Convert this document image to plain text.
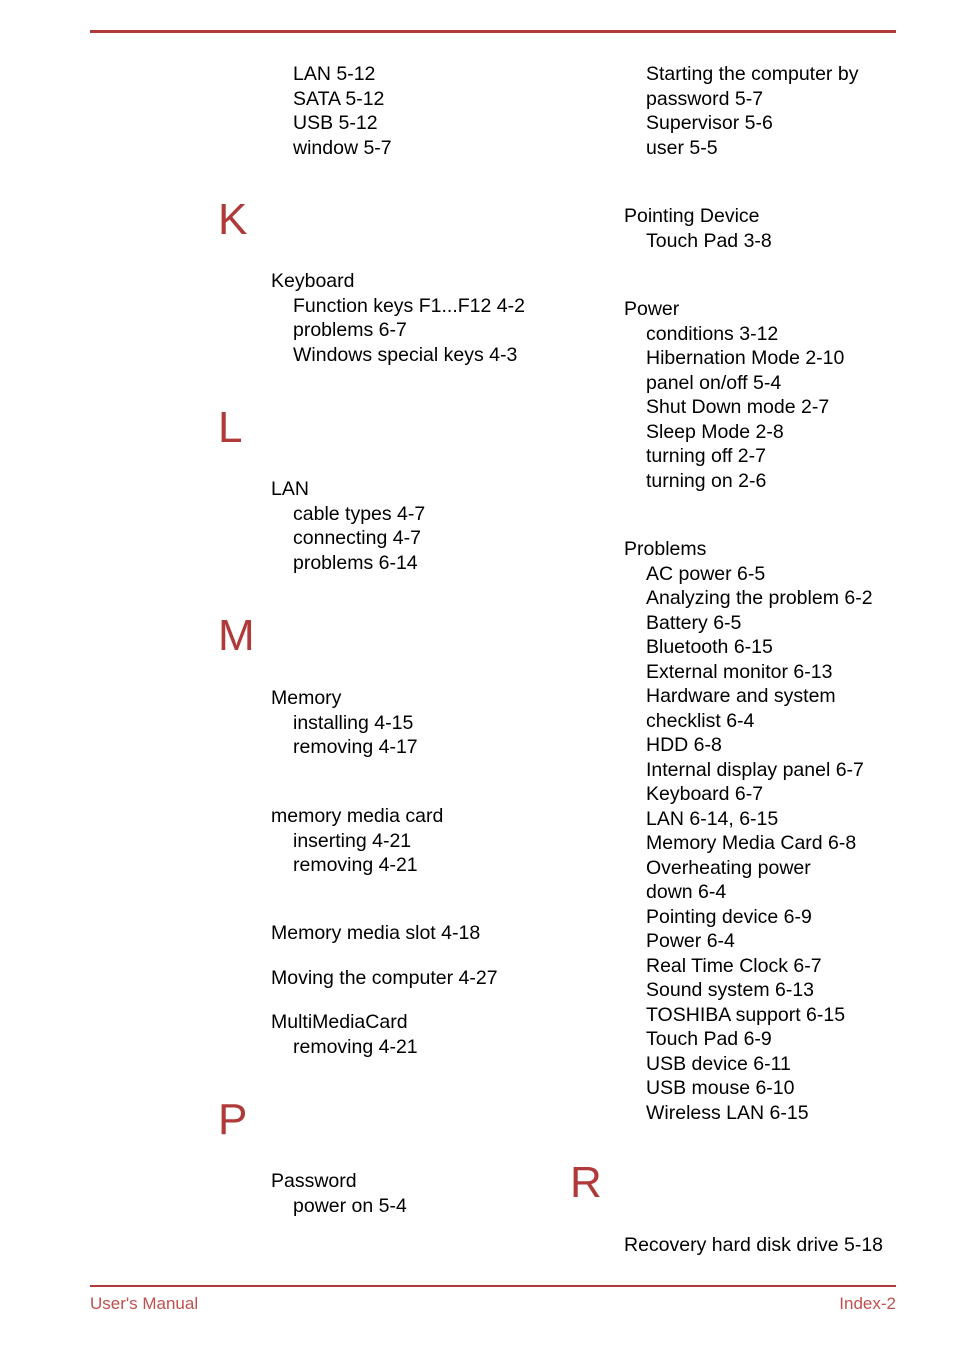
LAN 5-12
SATA 5-12
USB 5-12
window 5-7
K
Keyboard
Function keys F1...F12 4-2
problems 6-7
Windows special keys 4-3
L
LAN
cable types 4-7
connecting 4-7
problems 6-14
M
Memory
installing 4-15
removing 4-17
memory media card
inserting 4-21
removing 4-21
Memory media slot 4-18
Moving the computer 4-27
MultiMediaCard
removing 4-21
P
Password
power on 5-4
Starting the computer by
password 5-7
Supervisor 5-6
user 5-5
Pointing Device
Touch Pad 3-8
Power
conditions 3-12
Hibernation Mode 2-10
panel on/off 5-4
Shut Down mode 2-7
Sleep Mode 2-8
turning off 2-7
turning on 2-6
Problems
AC power 6-5
Analyzing the problem 6-2
Battery 6-5
Bluetooth 6-15
External monitor 6-13
Hardware and system
checklist 6-4
HDD 6-8
Internal display panel 6-7
Keyboard 6-7
LAN 6-14, 6-15
Memory Media Card 6-8
Overheating power
down 6-4
Pointing device 6-9
Power 6-4
Real Time Clock 6-7
Sound system 6-13
TOSHIBA support 6-15
Touch Pad 6-9
USB device 6-11
USB mouse 6-10
Wireless LAN 6-15
R
Recovery hard disk drive 5-18
User's Manual	Index-2
